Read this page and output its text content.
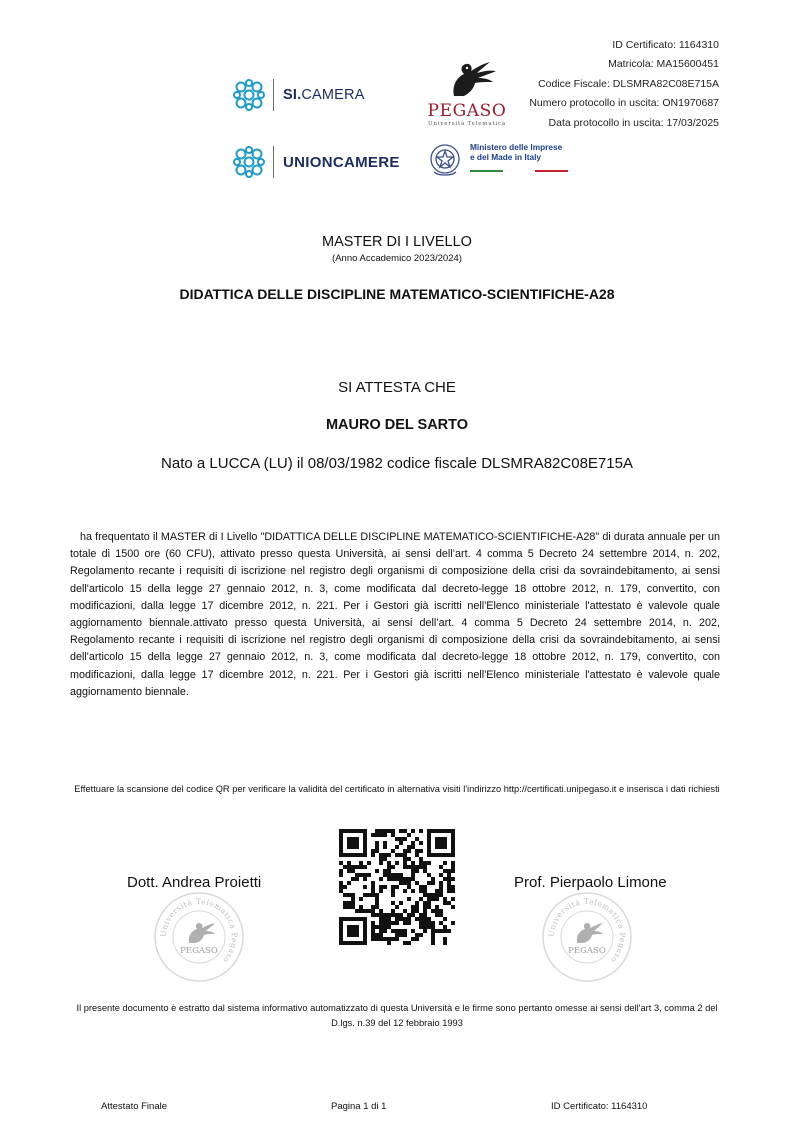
ID Certificato: 1164310
Matricola: MA15600451
Codice Fiscale: DLSMRA82C08E715A
Numero protocollo in uscita: ON1970687
Data protocollo in uscita: 17/03/2025
SI.CAMERA
UNIONCAMERE
PEGASO
Università Telematica
Ministero delle Imprese
e del Made in Italy
MASTER DI I LIVELLO
(Anno Accademico 2023/2024)
DIDATTICA DELLE DISCIPLINE MATEMATICO-SCIENTIFICHE-A28
SI ATTESTA CHE
MAURO DEL SARTO
Nato a LUCCA (LU) il 08/03/1982 codice fiscale DLSMRA82C08E715A
ha frequentato il MASTER di I Livello "DIDATTICA DELLE DISCIPLINE MATEMATICO-SCIENTIFICHE-A28" di durata annuale per un totale di 1500 ore (60 CFU), attivato presso questa Università, ai sensi dell’art. 4 comma 5 Decreto 24 settembre 2014, n. 202, Regolamento recante i requisiti di iscrizione nel registro degli organismi di composizione della crisi da sovraindebitamento, ai sensi dell'articolo 15 della legge 27 gennaio 2012, n. 3, come modificata dal decreto-legge 18 ottobre 2012, n. 179, convertito, con modificazioni, dalla legge 17 dicembre 2012, n. 221. Per i Gestori già iscritti nell'Elenco ministeriale l'attestato è valevole quale aggiornamento biennale.attivato presso questa Università, ai sensi dell’art. 4 comma 5 Decreto 24 settembre 2014, n. 202, Regolamento recante i requisiti di iscrizione nel registro degli organismi di composizione della crisi da sovraindebitamento, ai sensi dell'articolo 15 della legge 27 gennaio 2012, n. 3, come modificata dal decreto-legge 18 ottobre 2012, n. 179, convertito, con modificazioni, dalla legge 17 dicembre 2012, n. 221. Per i Gestori già iscritti nell'Elenco ministeriale l'attestato è valevole quale aggiornamento biennale.
Effettuare la scansione del codice QR per verificare la validità del certificato in alternativa visiti l'indirizzo http://certificati.unipegaso.it e inserisca i dati richiesti
Dott. Andrea Proietti	Prof. Pierpaolo Limone
Università Telematica Pegaso
PEGASO
Università Telematica Pegaso
PEGASO
Il presente documento è estratto dal sistema informativo automatizzato di questa Università e le firme sono pertanto omesse ai sensi dell'art 3, comma 2 del D.lgs. n.39 del 12 febbraio 1993
Attestato Finale	Pagina 1 di 1	ID Certificato: 1164310
